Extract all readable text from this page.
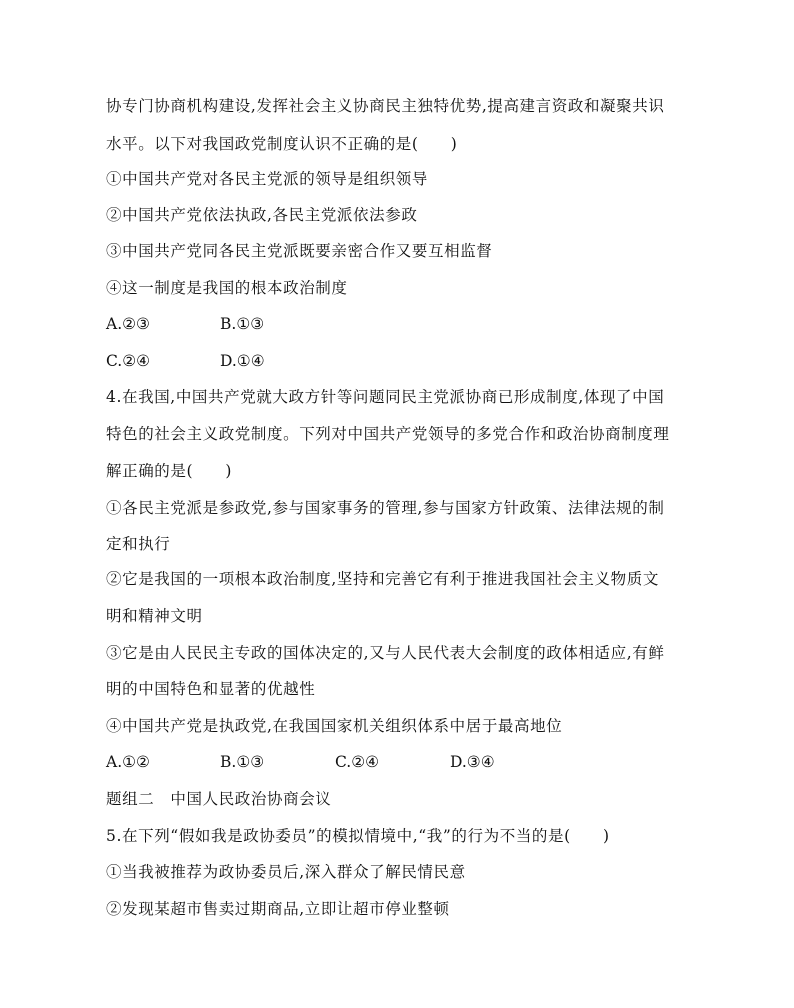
协专门协商机构建设,发挥社会主义协商民主独特优势,提高建言资政和凝聚共识
水平。以下对我国政党制度认识不正确的是(　　)
①中国共产党对各民主党派的领导是组织领导
②中国共产党依法执政,各民主党派依法参政
③中国共产党同各民主党派既要亲密合作又要互相监督
④这一制度是我国的根本政治制度
A.②③	B.①③
C.②④	D.①④
4.在我国,中国共产党就大政方针等问题同民主党派协商已形成制度,体现了中国
特色的社会主义政党制度。下列对中国共产党领导的多党合作和政治协商制度理
解正确的是(　　)
①各民主党派是参政党,参与国家事务的管理,参与国家方针政策、法律法规的制
定和执行
②它是我国的一项根本政治制度,坚持和完善它有利于推进我国社会主义物质文
明和精神文明
③它是由人民民主专政的国体决定的,又与人民代表大会制度的政体相适应,有鲜
明的中国特色和显著的优越性
④中国共产党是执政党,在我国国家机关组织体系中居于最高地位
A.①②	B.①③	C.②④	D.③④
题组二　中国人民政治协商会议
5.在下列“假如我是政协委员”的模拟情境中,“我”的行为不当的是(　　)
①当我被推荐为政协委员后,深入群众了解民情民意
②发现某超市售卖过期商品,立即让超市停业整顿
